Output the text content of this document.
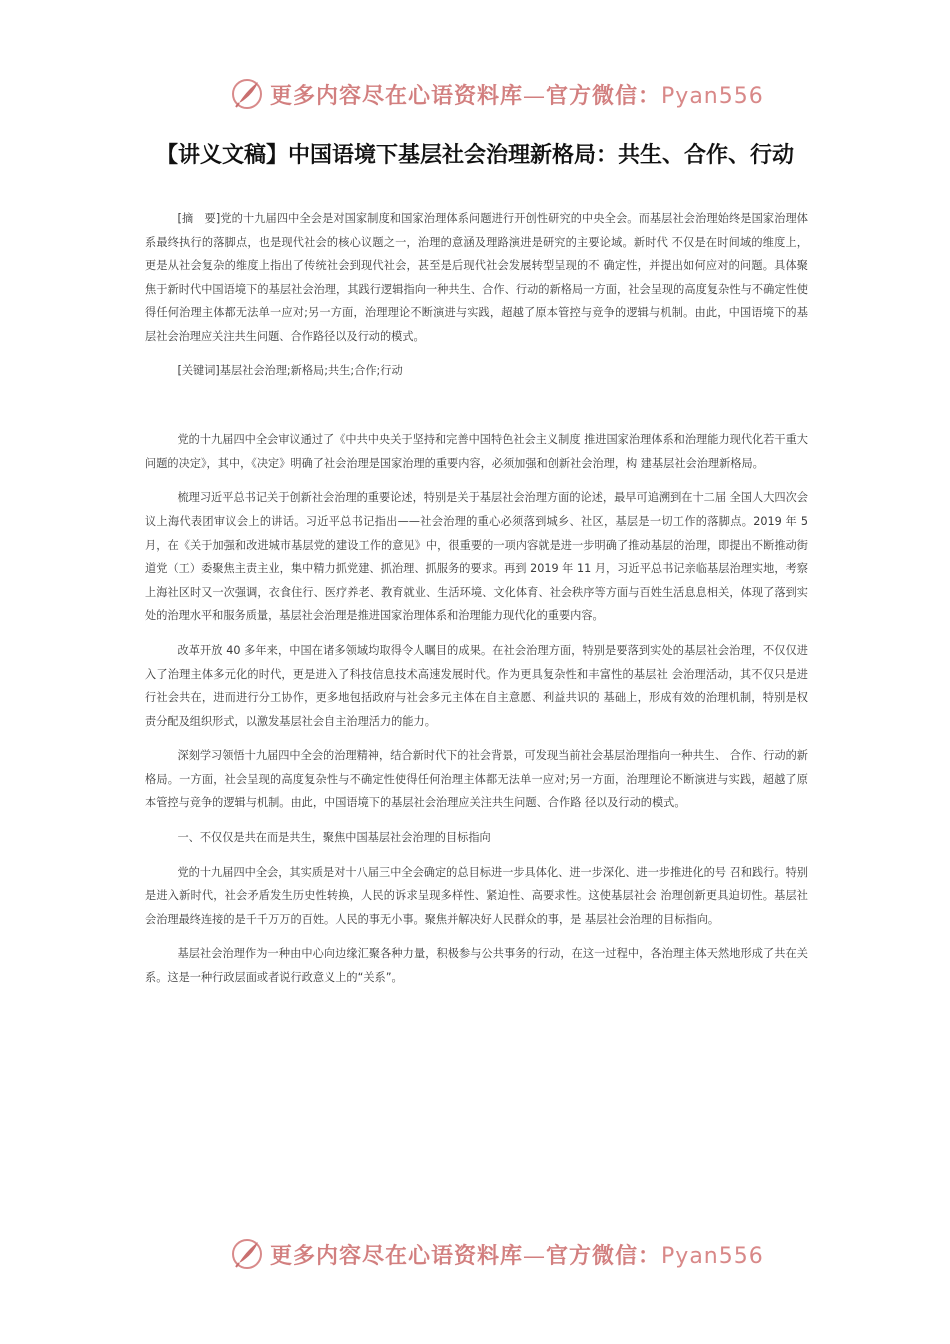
更多内容尽在心语资料库—官方微信：Pyan556
【讲义文稿】中国语境下基层社会治理新格局：共生、合作、行动

[摘　要]党的十九届四中全会是对国家制度和国家治理体系问题进行开创性研究的中央全会。而基层社会治理始终是国家治理体系最终执行的落脚点，也是现代社会的核心议题之一，治理的意涵及理路演进是研究的主要论域。新时代 不仅是在时间域的维度上，更是从社会复杂的维度上指出了传统社会到现代社会，甚至是后现代社会发展转型呈现的不 确定性，并提出如何应对的问题。具体聚焦于新时代中国语境下的基层社会治理，其践行逻辑指向一种共生、合作、行动的新格局一方面，社会呈现的高度复杂性与不确定性使得任何治理主体都无法单一应对;另一方面，治理理论不断演进与实践，超越了原本管控与竞争的逻辑与机制。由此，中国语境下的基层社会治理应关注共生问题、合作路径以及行动的模式。

[关键词]基层社会治理;新格局;共生;合作;行动

党的十九届四中全会审议通过了《中共中央关于坚持和完善中国特色社会主义制度 推进国家治理体系和治理能力现代化若干重大问题的决定》，其中，《决定》明确了社会治理是国家治理的重要内容，必须加强和创新社会治理，构 建基层社会治理新格局。

梳理习近平总书记关于创新社会治理的重要论述，特别是关于基层社会治理方面的论述，最早可追溯到在十二届 全国人大四次会议上海代表团审议会上的讲话。习近平总书记指出——社会治理的重心必须落到城乡、社区，基层是一切工作的落脚点。2019 年 5 月，在《关于加强和改进城市基层党的建设工作的意见》中，很重要的一项内容就是进一步明确了推动基层的治理，即提出不断推动街道党（工）委聚焦主责主业，集中精力抓党建、抓治理、抓服务的要求。再到 2019 年 11 月，习近平总书记亲临基层治理实地，考察上海社区时又一次强调，衣食住行、医疗养老、教育就业、生活环境、文化体育、社会秩序等方面与百姓生活息息相关，体现了落到实处的治理水平和服务质量，基层社会治理是推进国家治理体系和治理能力现代化的重要内容。

改革开放 40 多年来，中国在诸多领域均取得令人瞩目的成果。在社会治理方面，特别是要落到实处的基层社会治理，不仅仅进入了治理主体多元化的时代，更是进入了科技信息技术高速发展时代。作为更具复杂性和丰富性的基层社 会治理活动，其不仅只是进行社会共在，进而进行分工协作，更多地包括政府与社会多元主体在自主意愿、利益共识的 基础上，形成有效的治理机制，特别是权责分配及组织形式，以激发基层社会自主治理活力的能力。

深刻学习领悟十九届四中全会的治理精神，结合新时代下的社会背景，可发现当前社会基层治理指向一种共生、 合作、行动的新格局。一方面，社会呈现的高度复杂性与不确定性使得任何治理主体都无法单一应对;另一方面，治理理论不断演进与实践，超越了原本管控与竞争的逻辑与机制。由此，中国语境下的基层社会治理应关注共生问题、合作路 径以及行动的模式。

一、不仅仅是共在而是共生，聚焦中国基层社会治理的目标指向

党的十九届四中全会，其实质是对十八届三中全会确定的总目标进一步具体化、进一步深化、进一步推进化的号 召和践行。特别是进入新时代，社会矛盾发生历史性转换，人民的诉求呈现多样性、紧迫性、高要求性。这使基层社会 治理创新更具迫切性。基层社会治理最终连接的是千千万万的百姓。人民的事无小事。聚焦并解决好人民群众的事，是 基层社会治理的目标指向。

基层社会治理作为一种由中心向边缘汇聚各种力量，积极参与公共事务的行动，在这一过程中，各治理主体天然地形成了共在关系。这是一种行政层面或者说行政意义上的“关系”。

更多内容尽在心语资料库—官方微信：Pyan556
